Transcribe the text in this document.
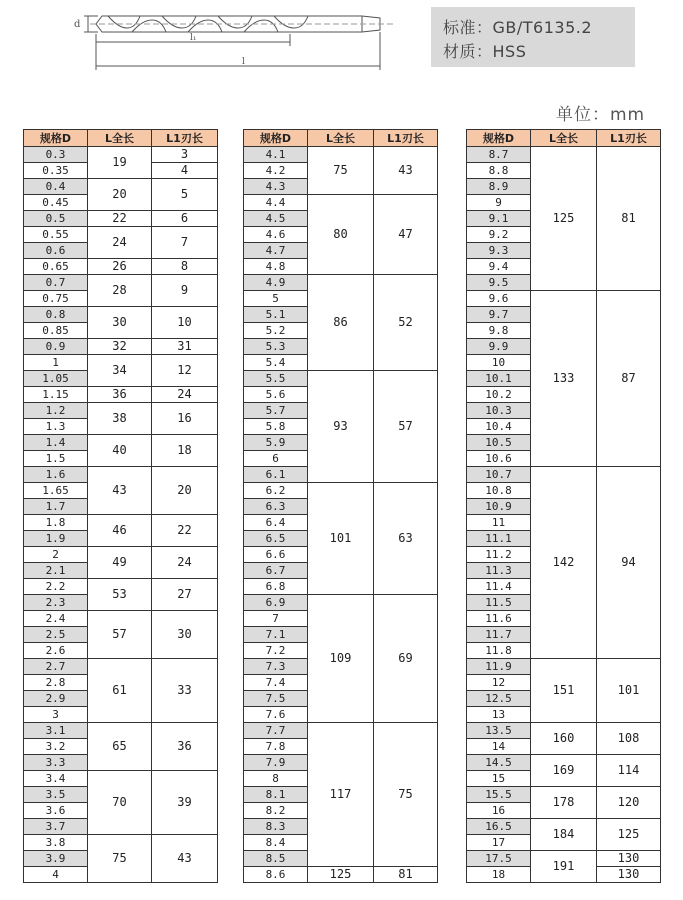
d
l₁
l
标准：GB/T6135.2
材质：HSS
单位：mm
规格D	L全长	L1刃长
0.3	19	3
0.35		4
0.4	20	5
0.45		
0.5	22	6
0.55	24	7
0.6		
0.65	26	8
0.7	28	9
0.75		
0.8	30	10
0.85		
0.9	32	31
1	34	12
1.05		
1.15	36	24
1.2	38	16
1.3		
1.4	40	18
1.5		
1.6	43	20
1.65		
1.7		
1.8	46	22
1.9		
2	49	24
2.1		
2.2	53	27
2.3		
2.4	57	30
2.5		
2.6		
2.7	61	33
2.8		
2.9		
3		
3.1	65	36
3.2		
3.3		
3.4	70	39
3.5		
3.6		
3.7		
3.8	75	43
3.9		
4		
规格D	L全长	L1刃长
4.1	75	43
4.2		
4.3		
4.4	80	47
4.5		
4.6		
4.7		
4.8		
4.9	86	52
5		
5.1		
5.2		
5.3		
5.4		
5.5	93	57
5.6		
5.7		
5.8		
5.9		
6		
6.1		
6.2	101	63
6.3		
6.4		
6.5		
6.6		
6.7		
6.8		
6.9	109	69
7		
7.1		
7.2		
7.3		
7.4		
7.5		
7.6		
7.7	117	75
7.8		
7.9		
8		
8.1		
8.2		
8.3		
8.4		
8.5		
8.6	125	81
规格D	L全长	L1刃长
8.7	125	81
8.8		
8.9		
9		
9.1		
9.2		
9.3		
9.4		
9.5		
9.6	133	87
9.7		
9.8		
9.9		
10		
10.1		
10.2		
10.3		
10.4		
10.5		
10.6		
10.7	142	94
10.8		
10.9		
11		
11.1		
11.2		
11.3		
11.4		
11.5		
11.6		
11.7		
11.8		
11.9	151	101
12		
12.5		
13		
13.5	160	108
14		
14.5	169	114
15		
15.5	178	120
16		
16.5	184	125
17		
17.5	191	130
18		130
